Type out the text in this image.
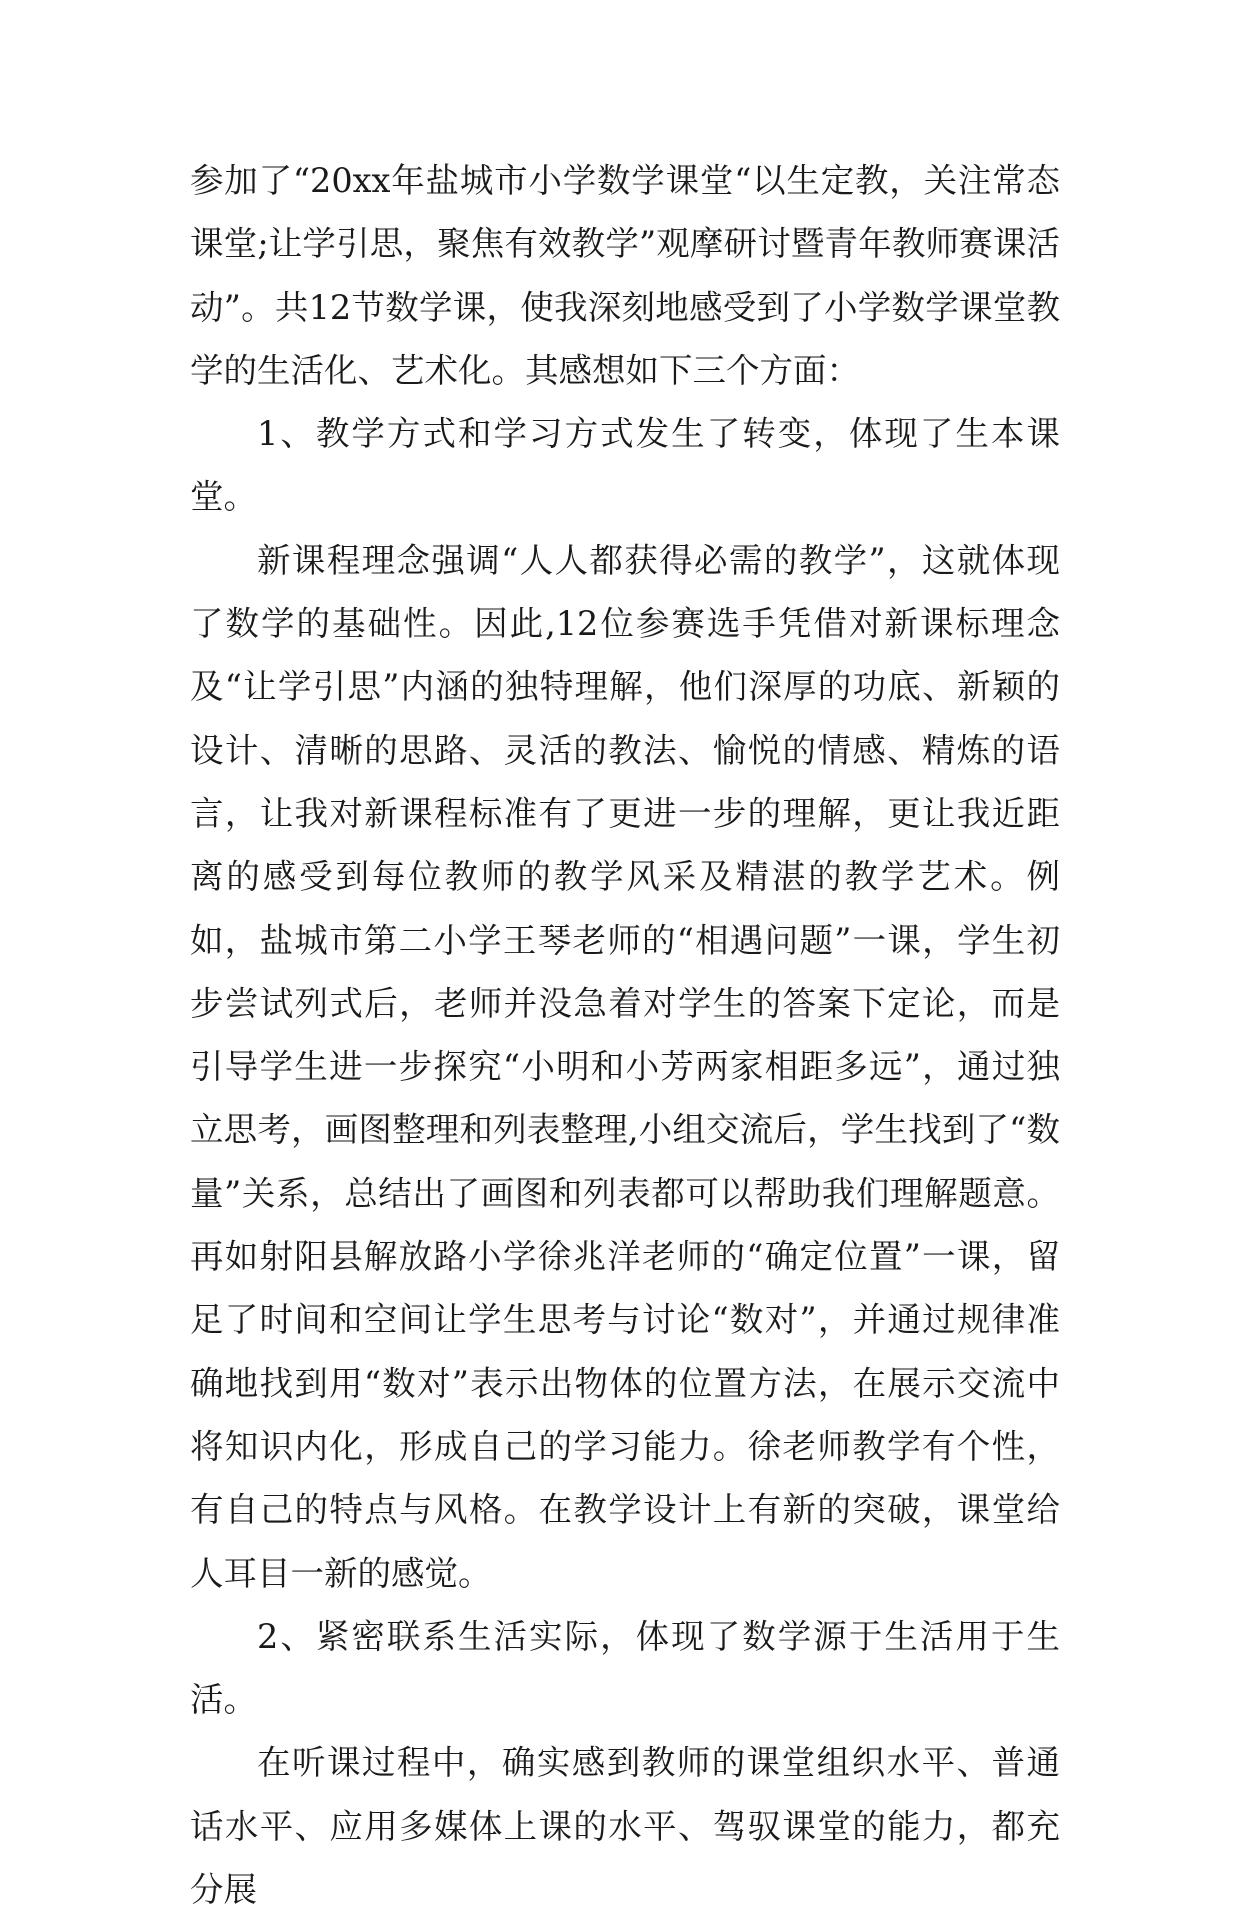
参加了“20xx年盐城市小学数学课堂“以生定教，关注常态课堂;让学引思，聚焦有效教学”观摩研讨暨青年教师赛课活动”。共12节数学课，使我深刻地感受到了小学数学课堂教学的生活化、艺术化。其感想如下三个方面：

1、教学方式和学习方式发生了转变，体现了生本课堂。

新课程理念强调“人人都获得必需的教学”，这就体现了数学的基础性。因此,12位参赛选手凭借对新课标理念及“让学引思”内涵的独特理解，他们深厚的功底、新颖的设计、清晰的思路、灵活的教法、愉悦的情感、精炼的语言，让我对新课程标准有了更进一步的理解，更让我近距离的感受到每位教师的教学风采及精湛的教学艺术。例如，盐城市第二小学王琴老师的“相遇问题”一课，学生初步尝试列式后，老师并没急着对学生的答案下定论，而是引导学生进一步探究“小明和小芳两家相距多远”，通过独立思考，画图整理和列表整理,小组交流后，学生找到了“数量”关系，总结出了画图和列表都可以帮助我们理解题意。再如射阳县解放路小学徐兆洋老师的“确定位置”一课，留足了时间和空间让学生思考与讨论“数对”，并通过规律准确地找到用“数对”表示出物体的位置方法，在展示交流中将知识内化，形成自己的学习能力。徐老师教学有个性，有自己的特点与风格。在教学设计上有新的突破，课堂给人耳目一新的感觉。

2、紧密联系生活实际，体现了数学源于生活用于生活。

在听课过程中，确实感到教师的课堂组织水平、普通话水平、应用多媒体上课的水平、驾驭课堂的能力，都充分展
